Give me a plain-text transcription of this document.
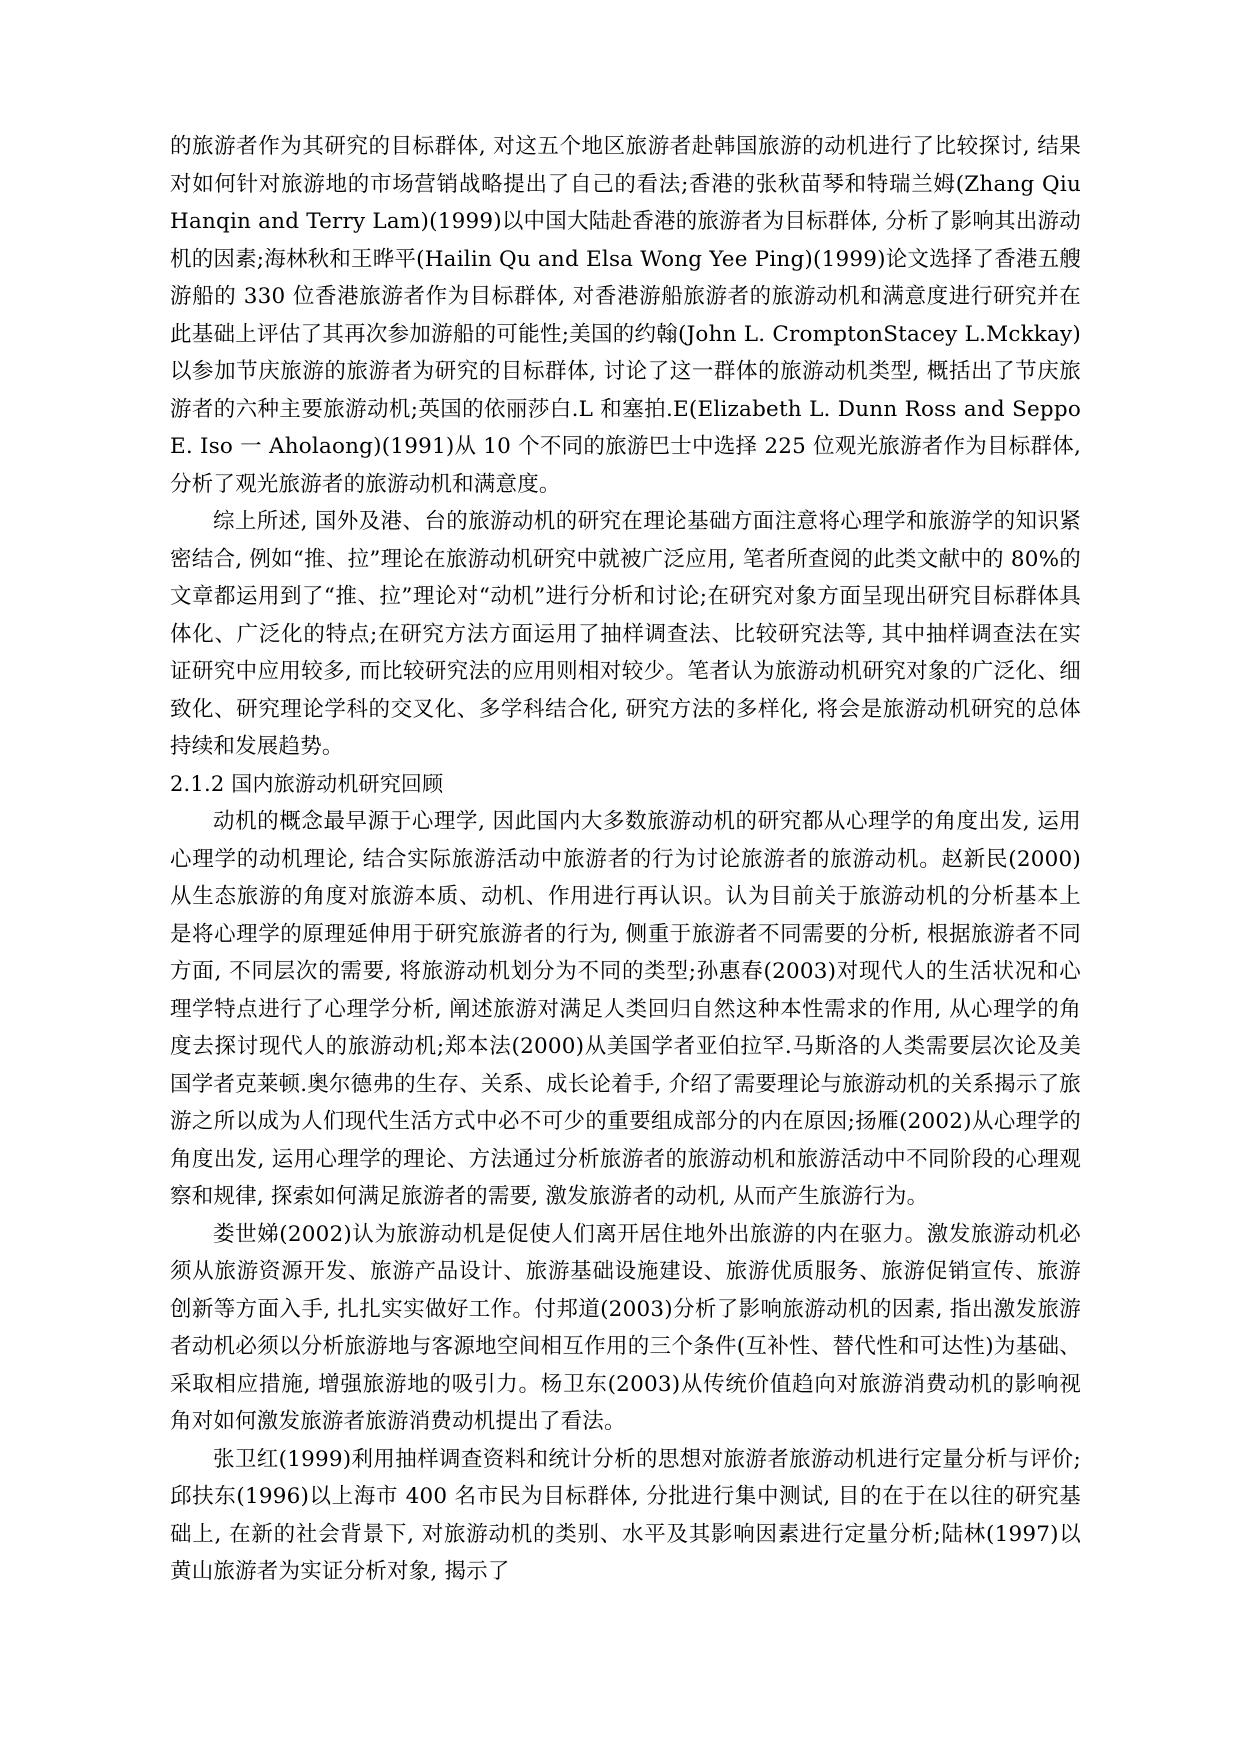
的旅游者作为其研究的目标群体, 对这五个地区旅游者赴韩国旅游的动机进行了比较探讨, 结果对如何针对旅游地的市场营销战略提出了自己的看法;香港的张秋苗琴和特瑞兰姆(Zhang Qiu Hanqin and Terry Lam)(1999)以中国大陆赴香港的旅游者为目标群体, 分析了影响其出游动机的因素;海林秋和王晔平(Hailin Qu and Elsa Wong Yee Ping)(1999)论文选择了香港五艘游船的 330 位香港旅游者作为目标群体, 对香港游船旅游者的旅游动机和满意度进行研究并在此基础上评估了其再次参加游船的可能性;美国的约翰(John L. CromptonStacey L.Mckkay)以参加节庆旅游的旅游者为研究的目标群体, 讨论了这一群体的旅游动机类型, 概括出了节庆旅游者的六种主要旅游动机;英国的依丽莎白.L 和塞拍.E(Elizabeth L. Dunn Ross and Seppo E. Iso 一 Aholaong)(1991)从 10 个不同的旅游巴士中选择 225 位观光旅游者作为目标群体, 分析了观光旅游者的旅游动机和满意度。

综上所述, 国外及港、台的旅游动机的研究在理论基础方面注意将心理学和旅游学的知识紧密结合, 例如“推、拉”理论在旅游动机研究中就被广泛应用, 笔者所查阅的此类文献中的 80%的文章都运用到了“推、拉”理论对“动机”进行分析和讨论;在研究对象方面呈现出研究目标群体具体化、广泛化的特点;在研究方法方面运用了抽样调查法、比较研究法等, 其中抽样调查法在实证研究中应用较多, 而比较研究法的应用则相对较少。笔者认为旅游动机研究对象的广泛化、细致化、研究理论学科的交叉化、多学科结合化, 研究方法的多样化, 将会是旅游动机研究的总体持续和发展趋势。

2.1.2 国内旅游动机研究回顾

动机的概念最早源于心理学, 因此国内大多数旅游动机的研究都从心理学的角度出发, 运用心理学的动机理论, 结合实际旅游活动中旅游者的行为讨论旅游者的旅游动机。赵新民(2000)从生态旅游的角度对旅游本质、动机、作用进行再认识。认为目前关于旅游动机的分析基本上是将心理学的原理延伸用于研究旅游者的行为, 侧重于旅游者不同需要的分析, 根据旅游者不同方面, 不同层次的需要, 将旅游动机划分为不同的类型;孙惠春(2003)对现代人的生活状况和心理学特点进行了心理学分析, 阐述旅游对满足人类回归自然这种本性需求的作用, 从心理学的角度去探讨现代人的旅游动机;郑本法(2000)从美国学者亚伯拉罕.马斯洛的人类需要层次论及美国学者克莱顿.奥尔德弗的生存、关系、成长论着手, 介绍了需要理论与旅游动机的关系揭示了旅游之所以成为人们现代生活方式中必不可少的重要组成部分的内在原因;扬雁(2002)从心理学的角度出发, 运用心理学的理论、方法通过分析旅游者的旅游动机和旅游活动中不同阶段的心理观察和规律, 探索如何满足旅游者的需要, 激发旅游者的动机, 从而产生旅游行为。

娄世娣(2002)认为旅游动机是促使人们离开居住地外出旅游的内在驱力。激发旅游动机必须从旅游资源开发、旅游产品设计、旅游基础设施建设、旅游优质服务、旅游促销宣传、旅游创新等方面入手, 扎扎实实做好工作。付邦道(2003)分析了影响旅游动机的因素, 指出激发旅游者动机必须以分析旅游地与客源地空间相互作用的三个条件(互补性、替代性和可达性)为基础、采取相应措施, 增强旅游地的吸引力。杨卫东(2003)从传统价值趋向对旅游消费动机的影响视角对如何激发旅游者旅游消费动机提出了看法。

张卫红(1999)利用抽样调查资料和统计分析的思想对旅游者旅游动机进行定量分析与评价;邱扶东(1996)以上海市 400 名市民为目标群体, 分批进行集中测试, 目的在于在以往的研究基础上, 在新的社会背景下, 对旅游动机的类别、水平及其影响因素进行定量分析;陆林(1997)以黄山旅游者为实证分析对象, 揭示了
